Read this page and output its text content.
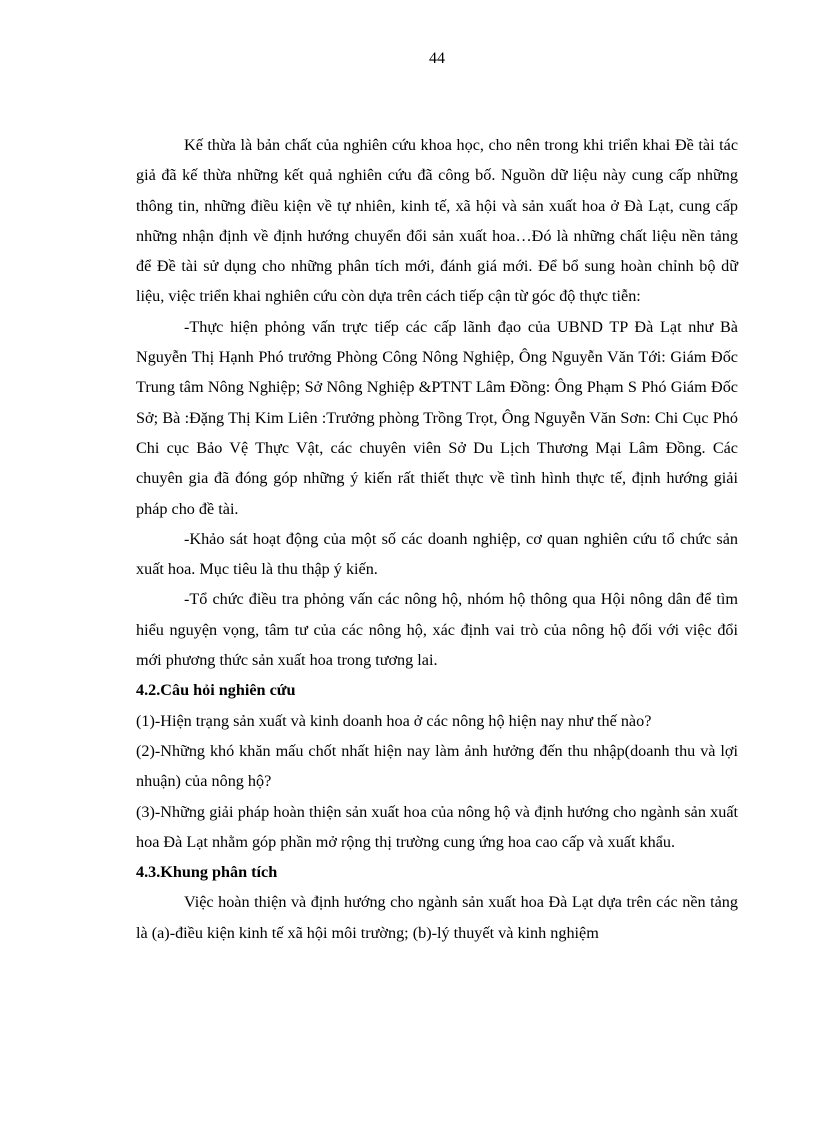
44

Kế thừa là bản chất của nghiên cứu khoa học, cho nên trong khi triển khai Đề tài tác giả đã kế thừa những kết quả nghiên cứu đã công bố. Nguồn dữ liệu này cung cấp những thông tin, những điều kiện về tự nhiên, kinh tế, xã hội và sản xuất hoa ở Đà Lạt, cung cấp những nhận định về định hướng chuyển đổi sản xuất hoa…Đó là những chất liệu nền tảng để Đề tài sử dụng cho những phân tích mới, đánh giá mới. Để bổ sung hoàn chỉnh bộ dữ liệu, việc triển khai nghiên cứu còn dựa trên cách tiếp cận từ góc độ thực tiễn:

-Thực hiện phỏng vấn trực tiếp các cấp lãnh đạo của UBND TP Đà Lạt như Bà Nguyễn Thị Hạnh Phó trưởng Phòng Công Nông Nghiệp, Ông Nguyễn Văn Tới: Giám Đốc Trung tâm Nông Nghiệp; Sở Nông Nghiệp &PTNT Lâm Đồng: Ông Phạm S Phó Giám Đốc Sở; Bà :Đặng Thị Kim Liên :Trưởng phòng Trồng Trọt, Ông Nguyễn Văn Sơn: Chi Cục Phó Chi cục Bảo Vệ Thực Vật, các chuyên viên Sở Du Lịch Thương Mại Lâm Đồng. Các chuyên gia đã đóng góp những ý kiến rất thiết thực về tình hình thực tế, định hướng giải pháp cho đề tài.

-Khảo sát hoạt động của một số các doanh nghiệp, cơ quan nghiên cứu tổ chức sản xuất hoa. Mục tiêu là thu thập ý kiến.

-Tổ chức điều tra phỏng vấn các nông hộ, nhóm hộ thông qua Hội nông dân để tìm hiểu nguyện vọng, tâm tư của các nông hộ, xác định vai trò của nông hộ đối với việc đổi mới phương thức sản xuất hoa trong tương lai.

4.2.Câu hỏi nghiên cứu

(1)-Hiện trạng sản xuất và kinh doanh hoa ở các nông hộ hiện nay như thế nào?

(2)-Những khó khăn mấu chốt nhất hiện nay làm ảnh hưởng đến thu nhập(doanh thu và lợi nhuận) của nông hộ?

(3)-Những giải pháp hoàn thiện sản xuất hoa của nông hộ và định hướng cho ngành sản xuất hoa Đà Lạt nhằm góp phần mở rộng thị trường cung ứng hoa cao cấp và xuất khẩu.

4.3.Khung phân tích

Việc hoàn thiện và định hướng cho ngành sản xuất hoa Đà Lạt dựa trên các nền tảng là (a)-điều kiện kinh tế xã hội môi trường; (b)-lý thuyết và kinh nghiệm
